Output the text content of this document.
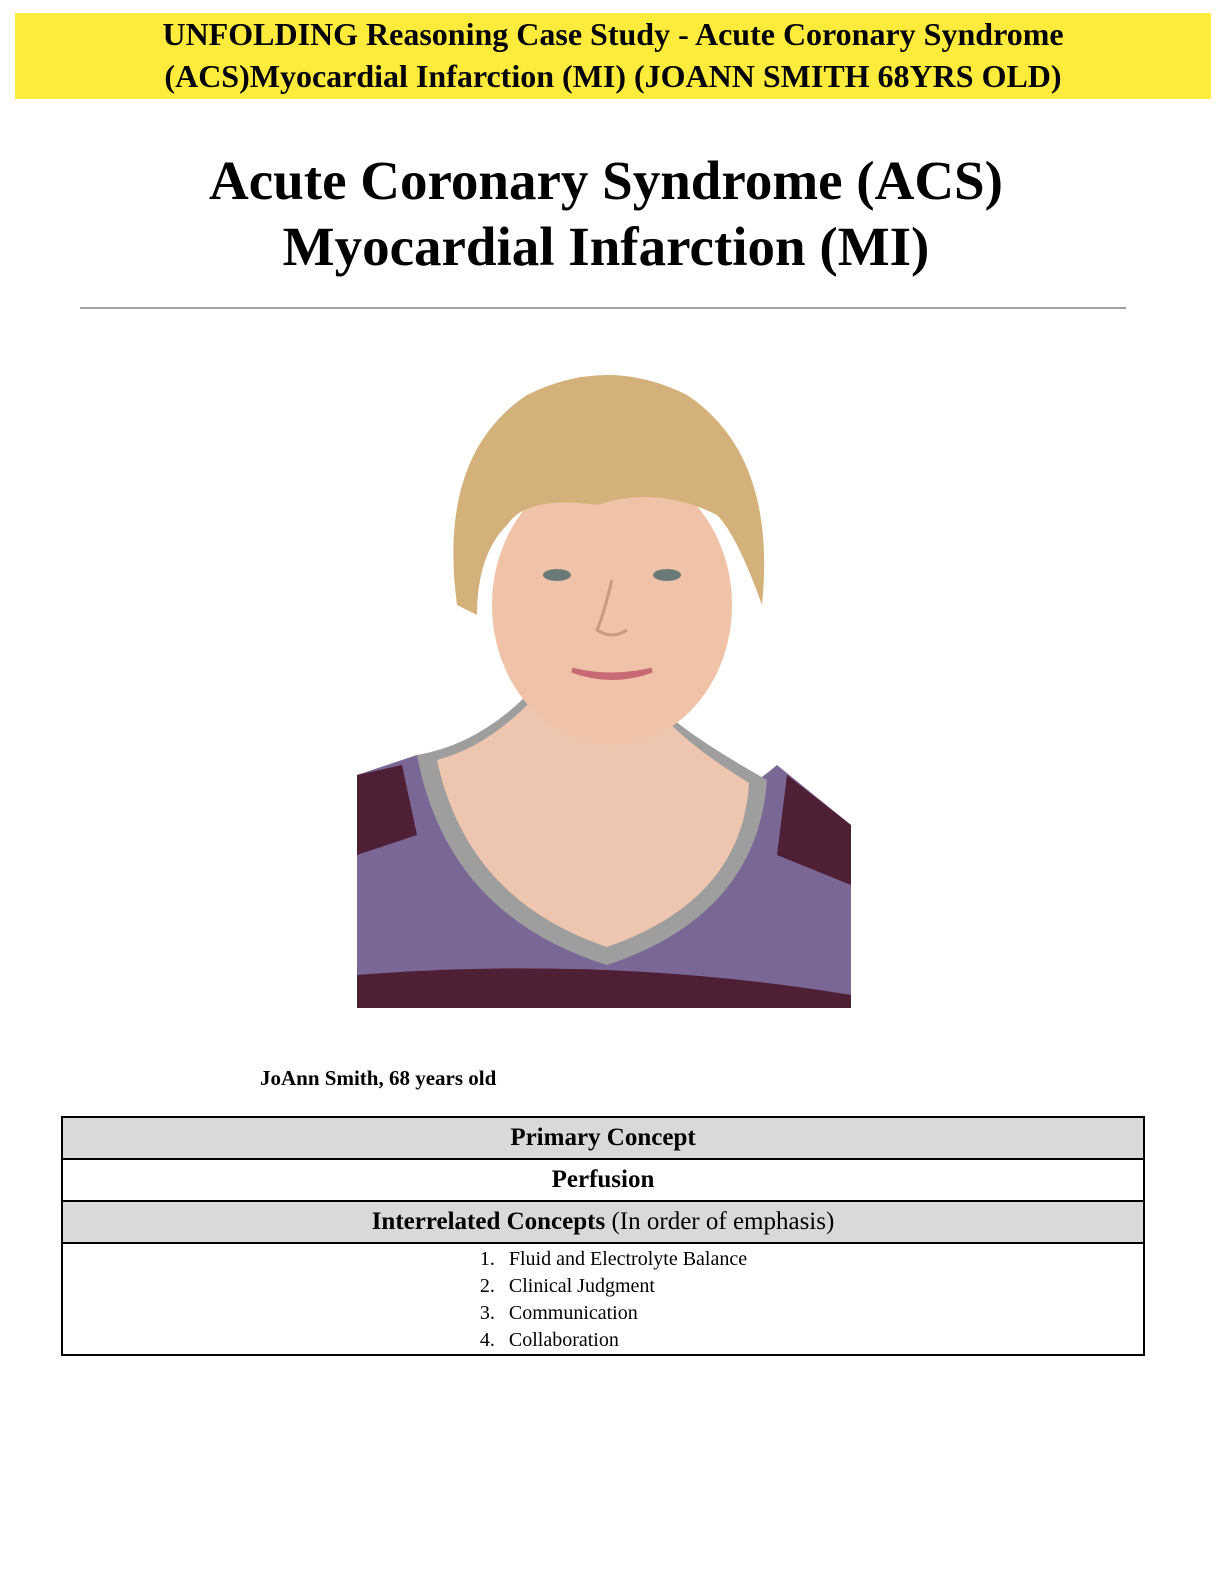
UNFOLDING Reasoning Case Study - Acute Coronary Syndrome
(ACS)Myocardial Infarction (MI) (JOANN SMITH 68YRS OLD)
Acute Coronary Syndrome (ACS)
Myocardial Infarction (MI)
JoAnn Smith, 68 years old
Primary Concept
Perfusion
Interrelated Concepts (In order of emphasis)

1. Fluid and Electrolyte Balance
2. Clinical Judgment
3. Communication
4. Collaboration
